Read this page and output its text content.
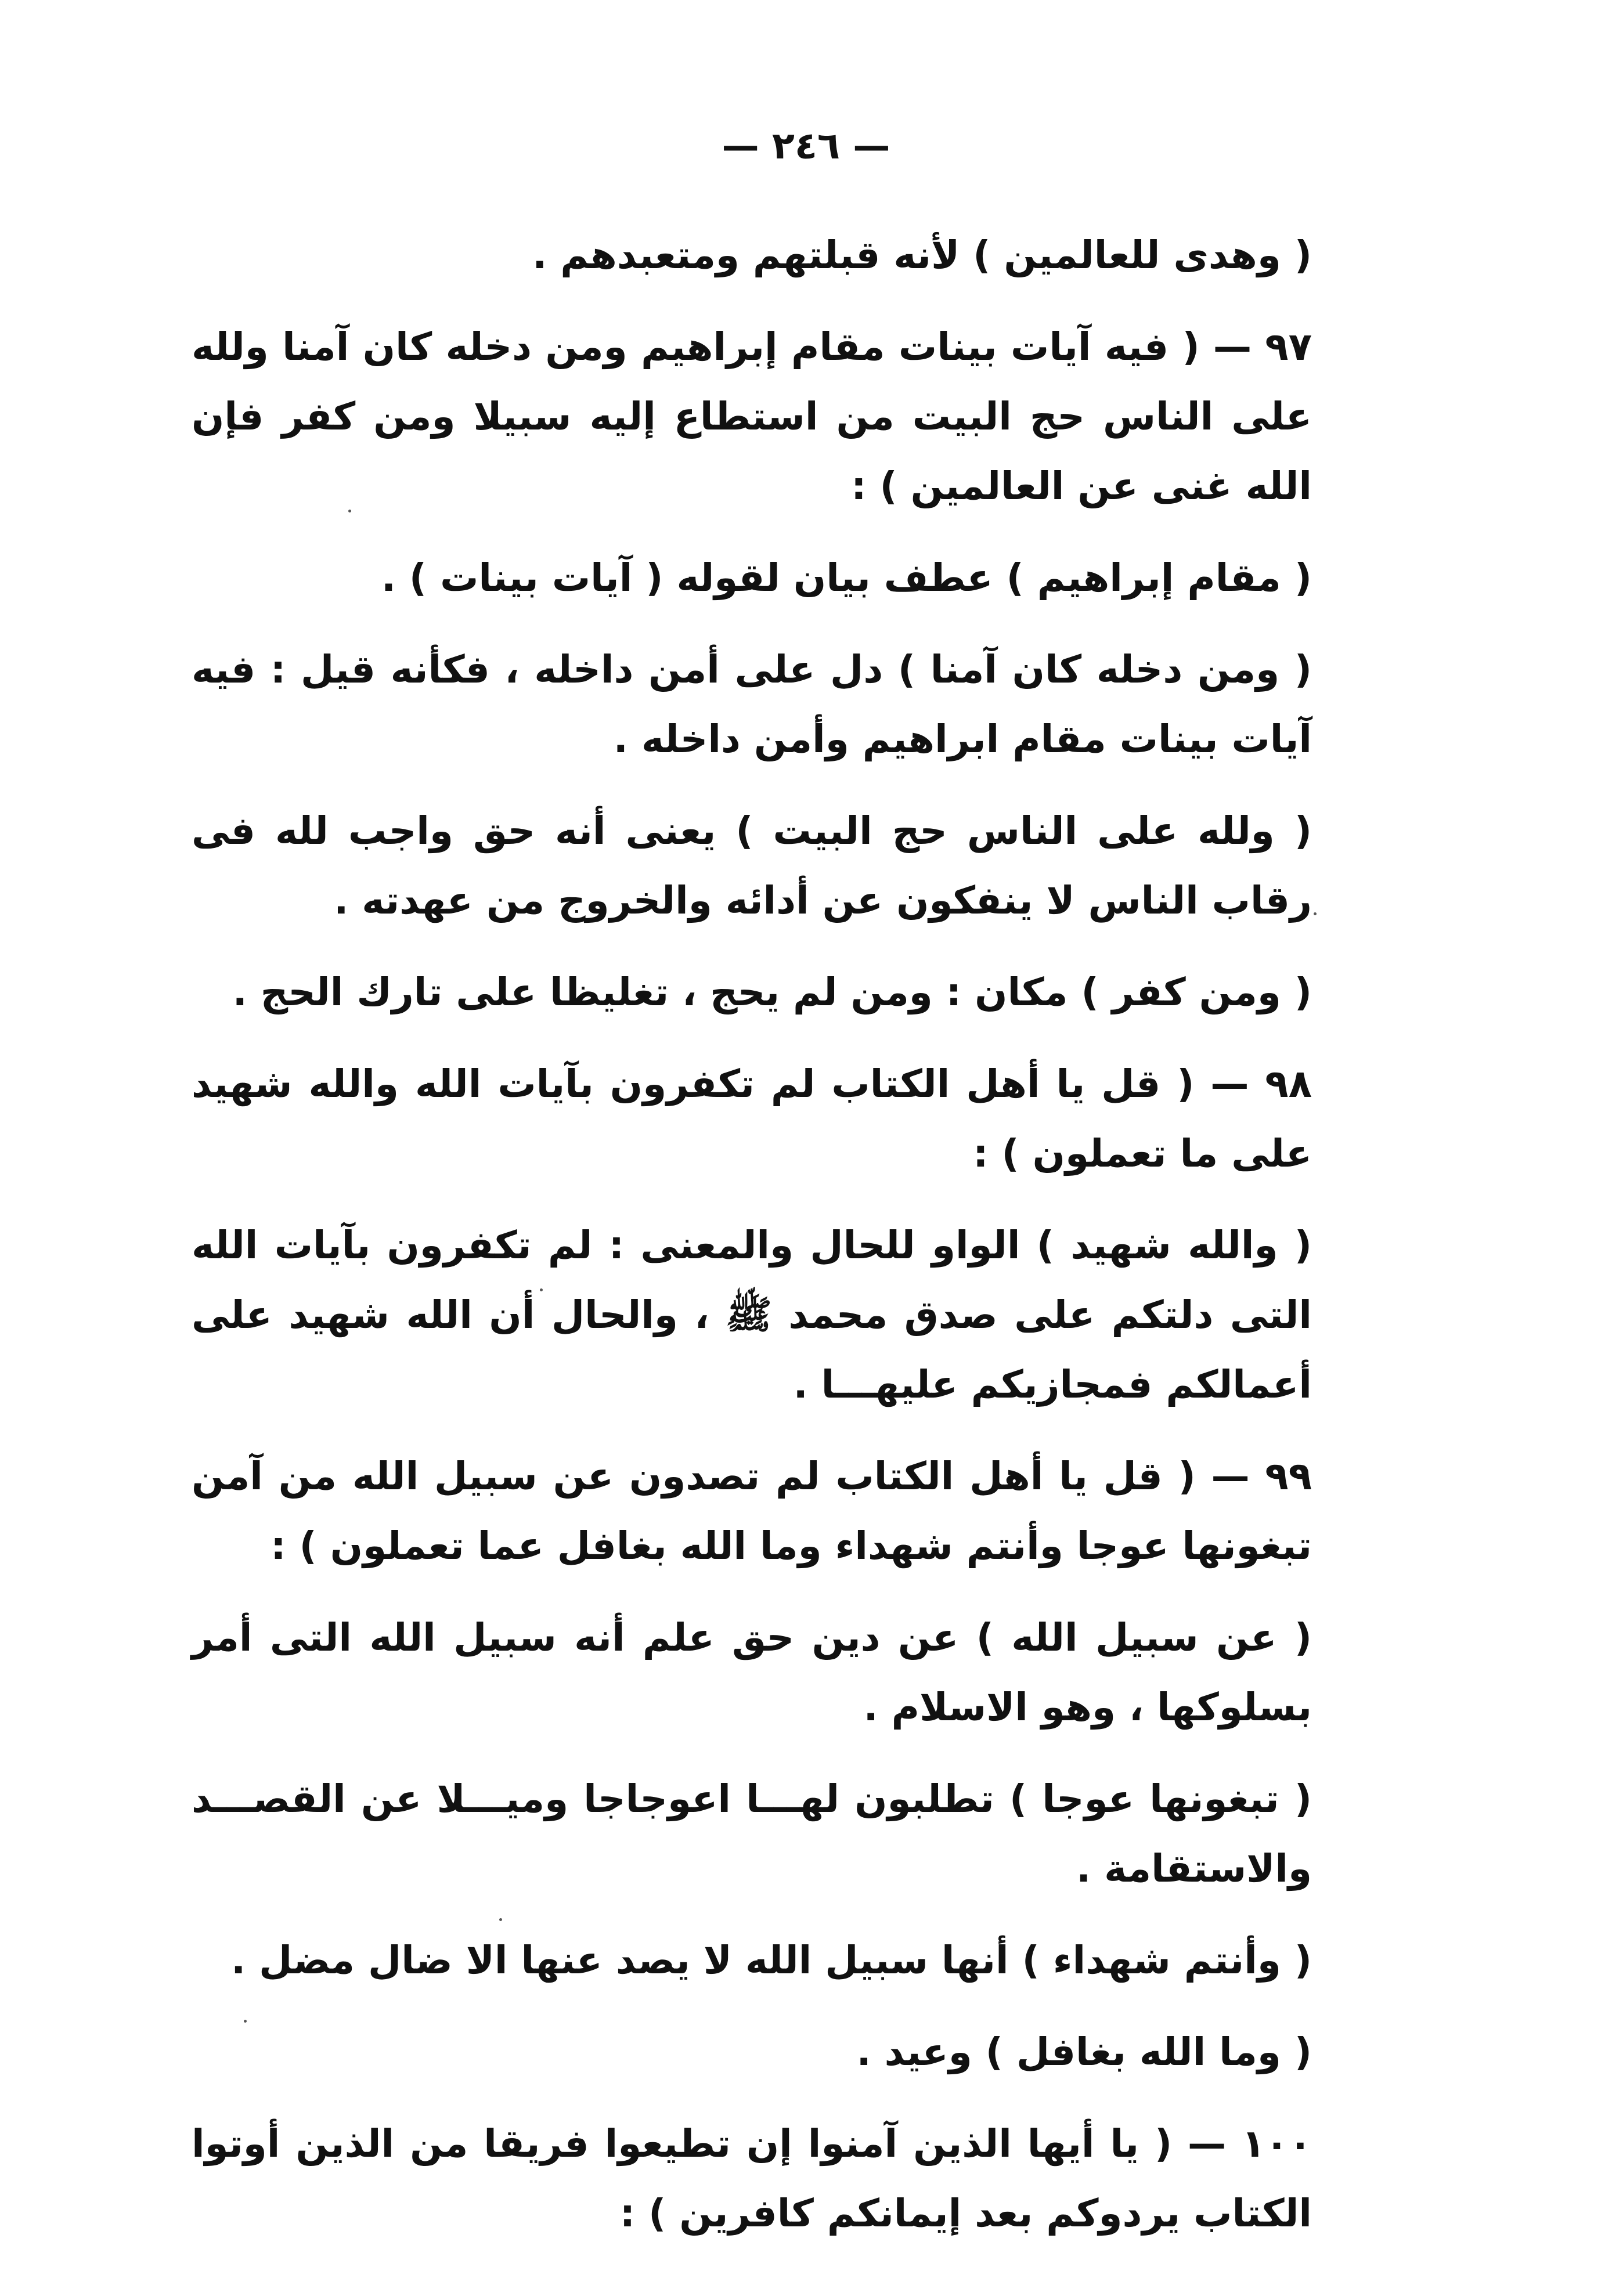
— ٢٤٦ —

( وهدى للعالمين ) لأنه قبلتهم ومتعبدهم .

٩٧ — ( فيه آيات بينات مقام إبراهيم ومن دخله كان آمنا ولله على الناس حج البيت من استطاع إليه سبيلا ومن كفر فإن الله غنى عن العالمين ) :

( مقام إبراهيم ) عطف بيان لقوله ( آيات بينات ) .

( ومن دخله كان آمنا ) دل على أمن داخله ، فكأنه قيل : فيه آيات بينات مقام ابراهيم وأمن داخله .

( ولله على الناس حج البيت ) يعنى أنه حق واجب لله فى رقاب الناس لا ينفكون عن أدائه والخروج من عهدته .

( ومن كفر ) مكان : ومن لم يحج ، تغليظا على تارك الحج .

٩٨ — ( قل يا أهل الكتاب لم تكفرون بآيات الله والله شهيد على ما تعملون ) :

( والله شهيد ) الواو للحال والمعنى : لم تكفرون بآيات الله التى دلتكم على صدق محمد ﷺ ، والحال أن الله شهيد على أعمالكم فمجازيكم عليهـــا .

٩٩ — ( قل يا أهل الكتاب لم تصدون عن سبيل الله من آمن تبغونها عوجا وأنتم شهداء وما الله بغافل عما تعملون ) :

( عن سبيل الله ) عن دين حق علم أنه سبيل الله التى أمر بسلوكها ، وهو الاسلام .

( تبغونها عوجا ) تطلبون لهـــا اعوجاجا وميـــلا عن القصـــد والاستقامة .

( وأنتم شهداء ) أنها سبيل الله لا يصد عنها الا ضال مضل .

( وما الله بغافل ) وعيد .

١٠٠ — ( يا أيها الذين آمنوا إن تطيعوا فريقا من الذين أوتوا الكتاب يردوكم بعد إيمانكم كافرين ) :
